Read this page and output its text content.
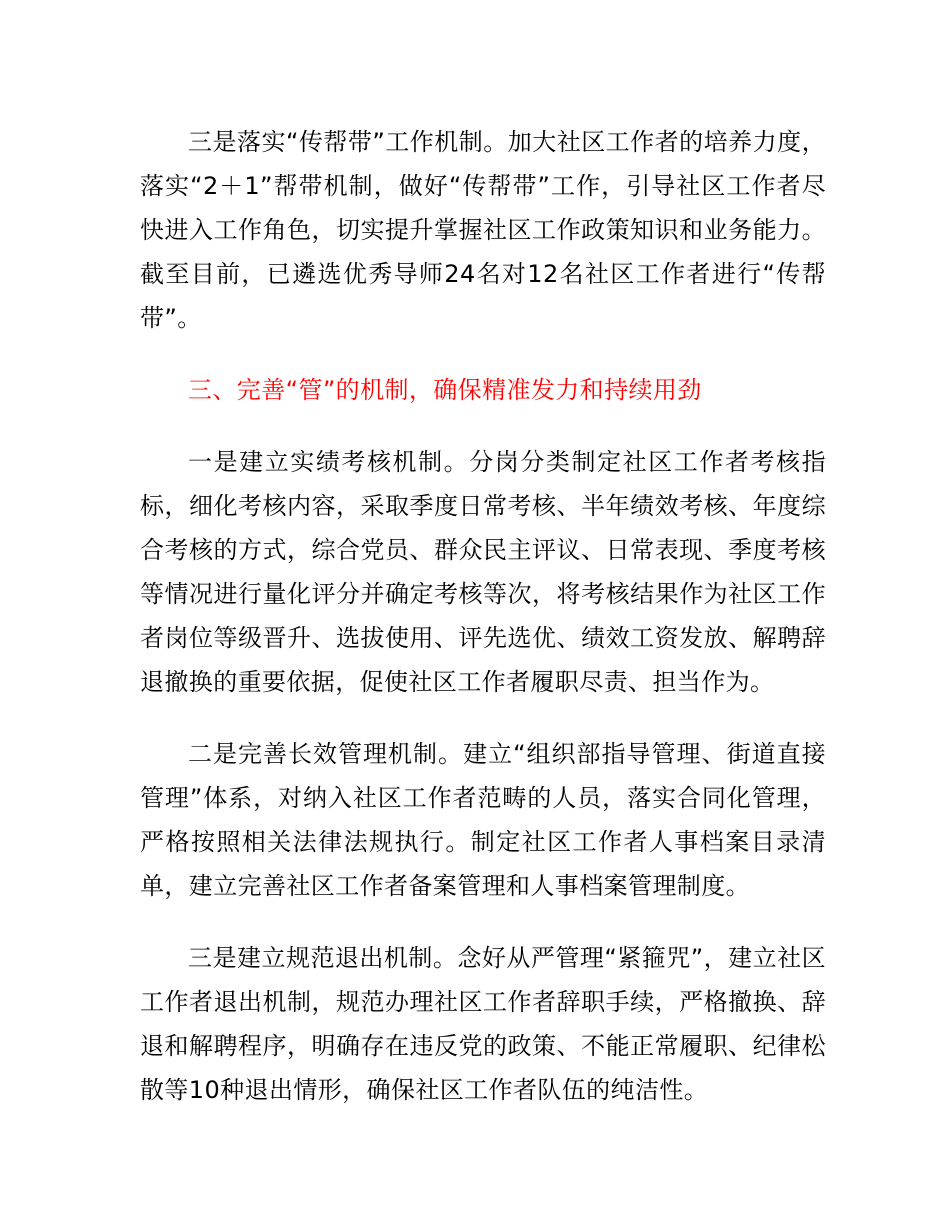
三是落实“传帮带”工作机制。加大社区工作者的培养力度，落实“2＋1”帮带机制，做好“传帮带”工作，引导社区工作者尽快进入工作角色，切实提升掌握社区工作政策知识和业务能力。截至目前，已遴选优秀导师24名对12名社区工作者进行“传帮带”。

三、完善“管”的机制，确保精准发力和持续用劲

一是建立实绩考核机制。分岗分类制定社区工作者考核指标，细化考核内容，采取季度日常考核、半年绩效考核、年度综合考核的方式，综合党员、群众民主评议、日常表现、季度考核等情况进行量化评分并确定考核等次，将考核结果作为社区工作者岗位等级晋升、选拔使用、评先选优、绩效工资发放、解聘辞退撤换的重要依据，促使社区工作者履职尽责、担当作为。

二是完善长效管理机制。建立“组织部指导管理、街道直接管理”体系，对纳入社区工作者范畴的人员，落实合同化管理，严格按照相关法律法规执行。制定社区工作者人事档案目录清单，建立完善社区工作者备案管理和人事档案管理制度。

三是建立规范退出机制。念好从严管理“紧箍咒”，建立社区工作者退出机制，规范办理社区工作者辞职手续，严格撤换、辞退和解聘程序，明确存在违反党的政策、不能正常履职、纪律松散等10种退出情形，确保社区工作者队伍的纯洁性。
